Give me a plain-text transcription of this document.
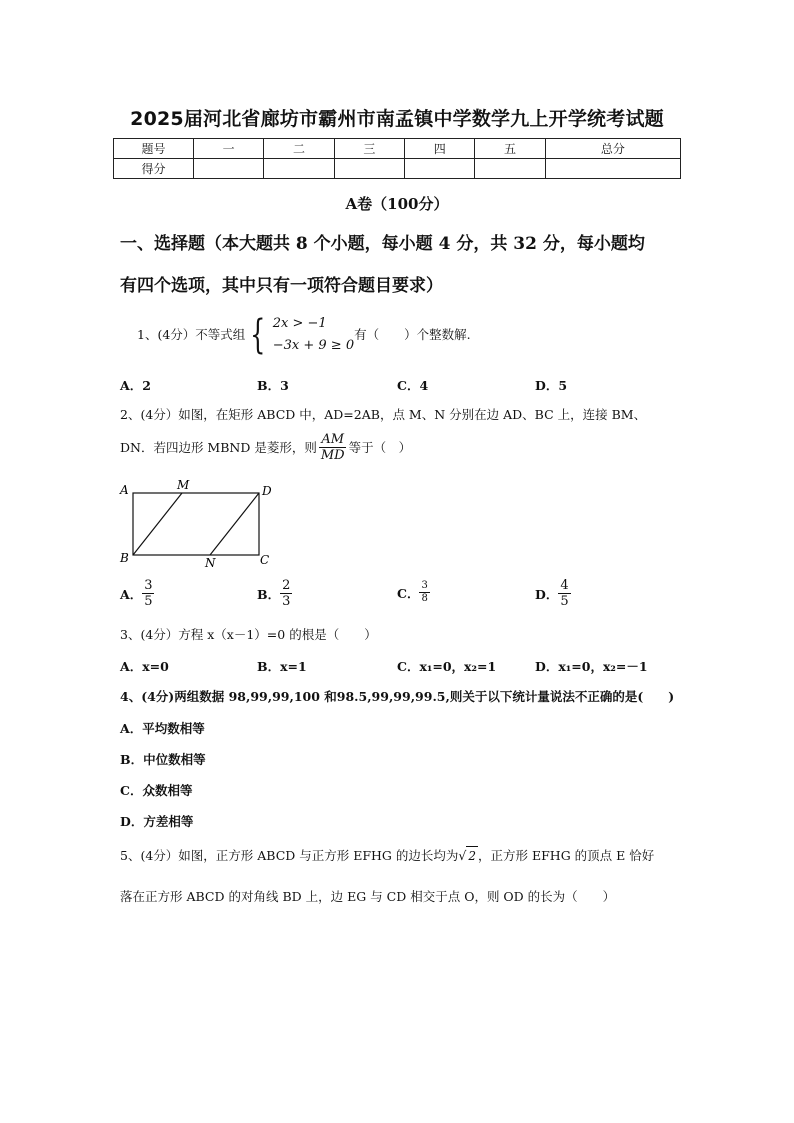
2025届河北省廊坊市霸州市南孟镇中学数学九上开学统考试题
题号	一	二	三	四	五	总分
得分						
A卷（100分）
一、选择题（本大题共 8 个小题，每小题 4 分，共 32 分，每小题均
有四个选项，其中只有一项符合题目要求）
1、(4分）不等式组 { 2x > −1
−3x + 9 ≥ 0
有（　　）个整数解.
A．2	B．3	C．4	D．5
2、(4分）如图，在矩形 ABCD 中，AD=2AB，点 M、N 分别在边 AD、BC 上，连接 BM、
DN．若四边形 MBND 是菱形，则 $\frac{AM}{MD}$ 等于（　）
A	M	D
B	N	C
A． $\frac{3}{5}$	B． $\frac{2}{3}$	C． $\frac{3}{8}$	D． $\frac{4}{5}$
3、(4分）方程 x（x－1）=0 的根是（　　）
A．x=0	B．x=1	C．x₁=0，x₂=1	D．x₁=0，x₂=－1
4、(4分)两组数据 98,99,99,100 和98.5,99,99,99.5,则关于以下统计量说法不正确的是(　　)
A．平均数相等
B．中位数相等
C．众数相等
D．方差相等
5、(4分）如图，正方形 ABCD 与正方形 EFHG 的边长均为 √ 2 ，正方形 EFHG 的顶点 E 恰好
落在正方形 ABCD 的对角线 BD 上，边 EG 与 CD 相交于点 O，则 OD 的长为（　　）
